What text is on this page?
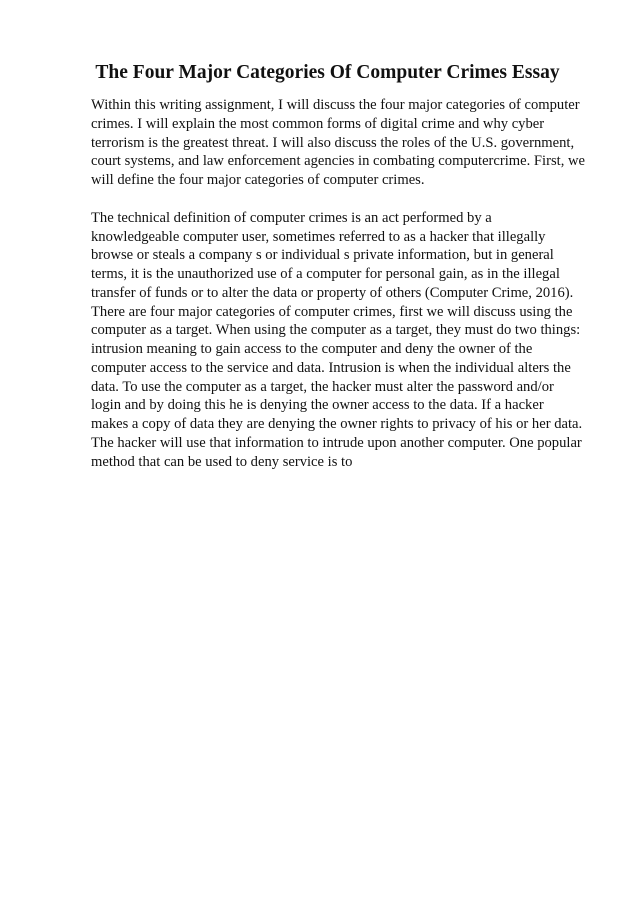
The Four Major Categories Of Computer Crimes Essay

Within this writing assignment, I will discuss the four major categories of computer
crimes. I will explain the most common forms of digital crime and why cyber
terrorism is the greatest threat. I will also discuss the roles of the U.S. government,
court systems, and law enforcement agencies in combating computercrime. First, we
will define the four major categories of computer crimes.

The technical definition of computer crimes is an act performed by a
knowledgeable computer user, sometimes referred to as a hacker that illegally
browse or steals a company s or individual s private information, but in general
terms, it is the unauthorized use of a computer for personal gain, as in the illegal
transfer of funds or to alter the data or property of others (Computer Crime, 2016).
There are four major categories of computer crimes, first we will discuss using the
computer as a target. When using the computer as a target, they must do two things:
intrusion meaning to gain access to the computer and deny the owner of the
computer access to the service and data. Intrusion is when the individual alters the
data. To use the computer as a target, the hacker must alter the password and/or
login and by doing this he is denying the owner access to the data. If a hacker
makes a copy of data they are denying the owner rights to privacy of his or her data.
The hacker will use that information to intrude upon another computer. One popular
method that can be used to deny service is to
